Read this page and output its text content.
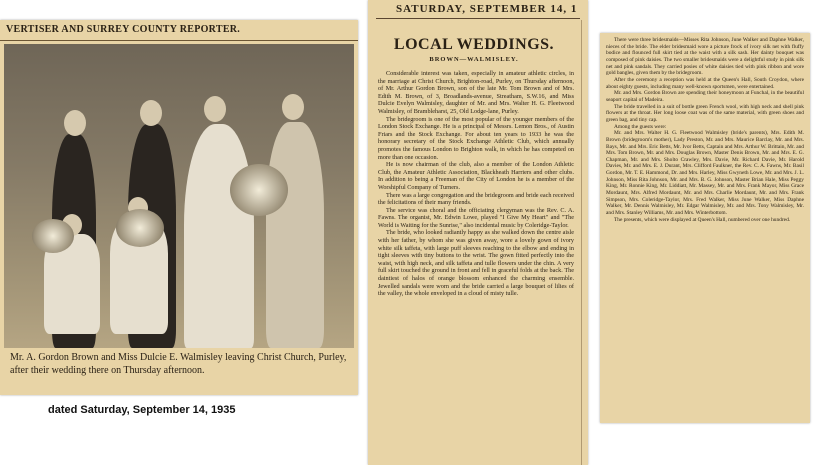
VERTISER AND SURREY COUNTY REPORTER.
Mr. A. Gordon Brown and Miss Dulcie E. Walmisley leaving Christ Church, Purley, after their wedding there on Thursday afternoon.
dated Saturday, September 14, 1935
SATURDAY, SEPTEMBER 14, 1
LOCAL WEDDINGS.
BROWN—WALMISLEY.

Considerable interest was taken, especially in amateur athletic circles, in the marriage at Christ Church, Brighton-road, Purley, on Thursday afternoon, of Mr. Arthur Gordon Brown, son of the late Mr. Tom Brown and of Mrs. Edith M. Brown, of 3, Broadlands-avenue, Streatham, S.W.16, and Miss Dulcie Evelyn Walmisley, daughter of Mr. and Mrs. Walter H. G. Fleetwood Walmisley, of Brambleharst, 25, Old Lodge-lane, Purley.

The bridegroom is one of the most popular of the younger members of the London Stock Exchange. He is a principal of Messrs. Lemon Bros., of Austin Friars and the Stock Exchange. For about ten years to 1933 he was the honorary secretary of the Stock Exchange Athletic Club, which annually promotes the famous London to Brighton walk, in which he has competed on more than one occasion.

He is now chairman of the club, also a member of the London Athletic Club, the Amateur Athletic Association, Blackheath Harriers and other clubs. In addition to being a Freeman of the City of London he is a member of the Worshipful Company of Turners.

There was a large congregation and the bridegroom and bride each received the felicitations of their many friends.

The service was choral and the officiating clergyman was the Rev. C. A. Fawns. The organist, Mr. Edwin Lowe, played "I Give My Heart" and "The World is Waiting for the Sunrise," also incidental music by Coleridge-Taylor.

The bride, who looked radiantly happy as she walked down the centre aisle with her father, by whom she was given away, wore a lovely gown of ivory white silk taffeta, with large puff sleeves reaching to the elbow and ending in tight sleeves with tiny buttons to the wrist. The gown fitted perfectly into the waist, with high neck, and silk taffeta and tulle flowers under the chin. A very full skirt touched the ground in front and fell in graceful folds at the back. The daintiest of halos of orange blossom enhanced the charming ensemble. Jewelled sandals were worn and the bride carried a large bouquet of lilies of the valley, the whole enveloped in a cloud of misty tulle.

There were three bridesmaids—Misses Rita Johnson, June Walker and Daphne Walker, nieces of the bride. The elder bridesmaid wore a picture frock of ivory silk net with fluffy bodice and flounced full skirt tied at the waist with a silk sash. Her dainty bouquet was composed of pink daisies. The two smaller bridesmaids were a delightful study in pink silk net and pink sandals. They carried posies of white daisies tied with pink ribbon and wore gold bangles, given them by the bridegroom.

After the ceremony a reception was held at the Queen's Hall, South Croydon, where about eighty guests, including many well-known sportsmen, were entertained.

Mr. and Mrs. Gordon Brown are spending their honeymoon at Funchal, in the beautiful seaport capital of Madeira.

The bride travelled in a suit of bottle green French wool, with high neck and shell pink flowers at the throat. Her long loose coat was of the same material, with green shoes and green bag, and tiny cap.

Among the guests were:

Mr. and Mrs. Walter H. G. Fleetwood Walmisley (bride's parents), Mrs. Edith M. Brown (bridegroom's mother), Lady Preston, Mr. and Mrs. Maurice Barclay, Mr. and Mrs. Bays, Mr. and Mrs. Eric Betts, Mr. Ivor Betts, Captain and Mrs. Arthur W. Brittain, Mr. and Mrs. Tom Brown, Mr. and Mrs. Douglas Brown, Master Denis Brown, Mr. and Mrs. E. G. Chapman, Mr. and Mrs. Sholto Crawley, Mrs. Davie, Mr. Richard Davie, Mr. Harold Davies, Mr. and Mrs. E. J. Durant, Mrs. Clifford Faulkner, the Rev. C. A. Fawns, Mr. Basil Gordon, Mr. T. E. Hammond, Dr. and Mrs. Harley, Miss Gwyneth Lowe, Mr. and Mrs. J. L. Johnson, Miss Rita Johnson, Mr. and Mrs. B. G. Johnson, Master Brian Hale, Miss Peggy King, Mr. Ronnie King, Mr. Liddiatt, Mr. Massey, Mr. and Mrs. Frank Mayor, Miss Grace Mordaunt, Mrs. Alfred Mordaunt, Mr. and Mrs. Charlie Mordaunt, Mr. and Mrs. Frank Simpson, Mrs. Coleridge-Taylor, Mrs. Fred Walker, Miss June Walker, Miss Daphne Walker, Mr. Dennis Walmisley, Mr. Edgar Walmisley, Mr. and Mrs. Tony Walmisley, Mr. and Mrs. Stanley Williams, Mr. and Mrs. Winterbottom.

The presents, which were displayed at Queen's Hall, numbered over one hundred.
